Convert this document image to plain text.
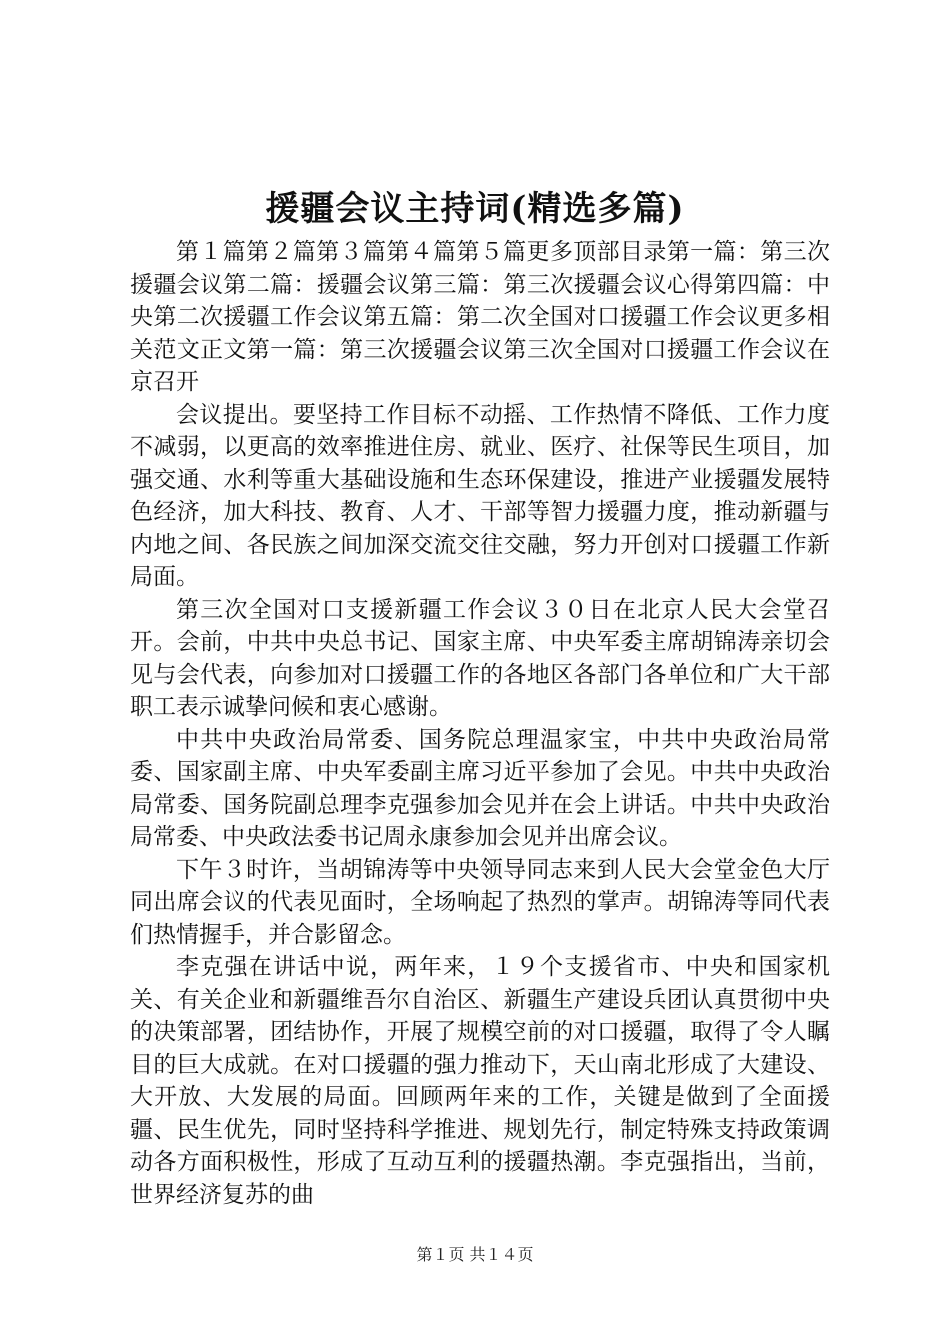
援疆会议主持词(精选多篇)

第１篇第２篇第３篇第４篇第５篇更多顶部目录第一篇：第三次援疆会议第二篇：援疆会议第三篇：第三次援疆会议心得第四篇：中央第二次援疆工作会议第五篇：第二次全国对口援疆工作会议更多相关范文正文第一篇：第三次援疆会议第三次全国对口援疆工作会议在京召开

会议提出。要坚持工作目标不动摇、工作热情不降低、工作力度不减弱，以更高的效率推进住房、就业、医疗、社保等民生项目，加强交通、水利等重大基础设施和生态环保建设，推进产业援疆发展特色经济，加大科技、教育、人才、干部等智力援疆力度，推动新疆与内地之间、各民族之间加深交流交往交融，努力开创对口援疆工作新局面。

第三次全国对口支援新疆工作会议３０日在北京人民大会堂召开。会前，中共中央总书记、国家主席、中央军委主席胡锦涛亲切会见与会代表，向参加对口援疆工作的各地区各部门各单位和广大干部职工表示诚挚问候和衷心感谢。

中共中央政治局常委、国务院总理温家宝，中共中央政治局常委、国家副主席、中央军委副主席习近平参加了会见。中共中央政治局常委、国务院副总理李克强参加会见并在会上讲话。中共中央政治局常委、中央政法委书记周永康参加会见并出席会议。

下午３时许，当胡锦涛等中央领导同志来到人民大会堂金色大厅同出席会议的代表见面时，全场响起了热烈的掌声。胡锦涛等同代表们热情握手，并合影留念。

李克强在讲话中说，两年来，１９个支援省市、中央和国家机关、有关企业和新疆维吾尔自治区、新疆生产建设兵团认真贯彻中央的决策部署，团结协作，开展了规模空前的对口援疆，取得了令人瞩目的巨大成就。在对口援疆的强力推动下，天山南北形成了大建设、大开放、大发展的局面。回顾两年来的工作，关键是做到了全面援疆、民生优先，同时坚持科学推进、规划先行，制定特殊支持政策调动各方面积极性，形成了互动互利的援疆热潮。李克强指出，当前，世界经济复苏的曲

第１页 共１４页
